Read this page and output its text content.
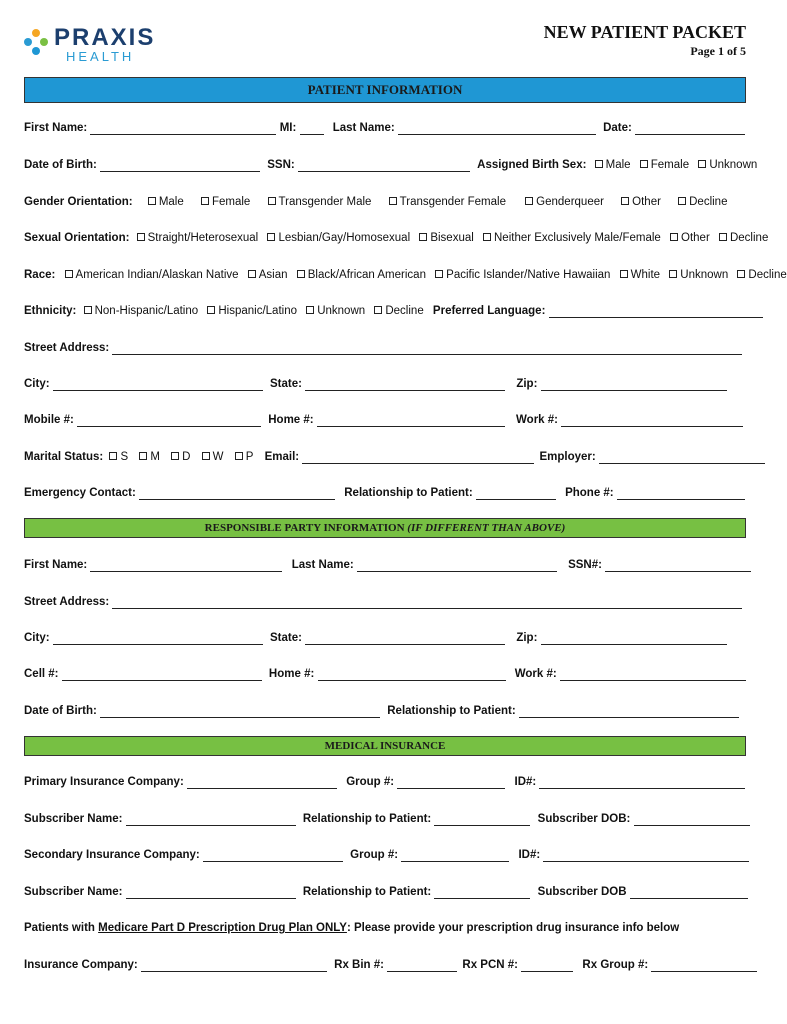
PRAXIS
HEALTH
NEW PATIENT PACKET
Page 1 of 5
PATIENT INFORMATION
First Name:	MI:	Last Name:	Date:
Date of Birth:	SSN:	Assigned Birth Sex: Male Female Unknown
Gender Orientation: Male Female Transgender Male Transgender Female	Genderqueer Other Decline
Sexual Orientation: Straight/Heterosexual Lesbian/Gay/Homosexual Bisexual Neither Exclusively Male/Female Other Decline
Race: American Indian/Alaskan Native Asian Black/African American Pacific Islander/Native Hawaiian White Unknown Decline
Ethnicity: Non-Hispanic/Latino Hispanic/Latino Unknown Decline Preferred Language:
Street Address:
City:	State:	Zip:
Mobile #:	Home #:	Work #:
Marital Status: S M D W P Email:	Employer:
Emergency Contact:	Relationship to Patient:	Phone #:
RESPONSIBLE PARTY INFORMATION (IF DIFFERENT THAN ABOVE)
First Name:	Last Name:	SSN#:
Street Address:
City:	State:	Zip:
Cell #:	Home #:	Work #:
Date of Birth:	Relationship to Patient:
MEDICAL INSURANCE
Primary Insurance Company:	Group #:	ID#:
Subscriber Name:	Relationship to Patient:	Subscriber DOB:
Secondary Insurance Company:	Group #:	ID#:
Subscriber Name:	Relationship to Patient:	Subscriber DOB
Patients with Medicare Part D Prescription Drug Plan ONLY: Please provide your prescription drug insurance info below
Insurance Company:	Rx Bin #:	Rx PCN #:	Rx Group #:
